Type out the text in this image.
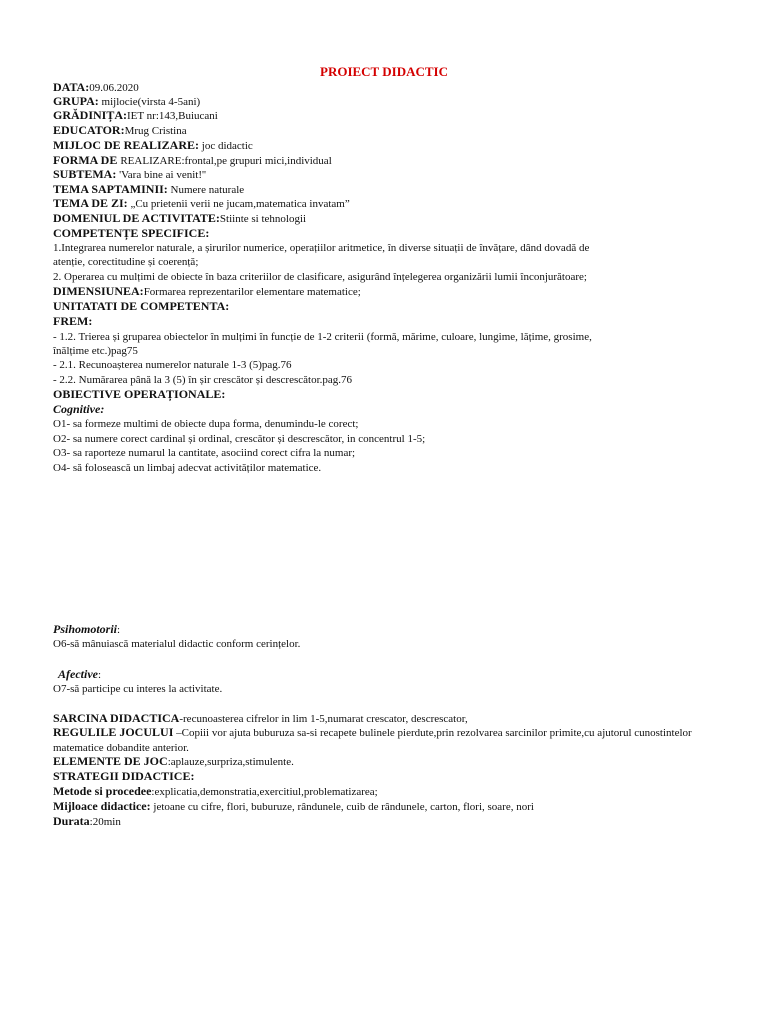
PROIECT DIDACTIC
DATA:09.06.2020
GRUPA: mijlocie(virsta 4-5ani)
GRĂDINIȚA:IET nr:143,Buiucani
EDUCATOR:Mrug Cristina
MIJLOC DE REALIZARE: joc didactic
FORMA DE REALIZARE:frontal,pe grupuri mici,individual
SUBTEMA: 'Vara bine ai venit!''
TEMA SAPTAMINII: Numere naturale
TEMA DE ZI: „Cu prietenii verii ne jucam,matematica invatam”
DOMENIUL DE ACTIVITATE:Stiinte si tehnologii
COMPETENȚE SPECIFICE:
1.Integrarea numerelor naturale, a șirurilor numerice, operațiilor aritmetice, în diverse situații de învățare, dând dovadă de
atenție, corectitudine și coerență;
2. Operarea cu mulțimi de obiecte în baza criteriilor de clasificare, asigurând înțelegerea organizării lumii înconjurătoare;
DIMENSIUNEA:Formarea reprezentarilor elementare matematice;
UNITATATI DE COMPETENTA:
FREM:
- 1.2. Trierea și gruparea obiectelor în mulțimi în funcție de 1-2 criterii (formă, mărime, culoare, lungime, lățime, grosime,
înălțime etc.)pag75
- 2.1. Recunoașterea numerelor naturale 1-3 (5)pag.76
- 2.2. Numărarea până la 3 (5) în șir crescător și descrescător.pag.76
OBIECTIVE OPERAȚIONALE:
Cognitive:
O1- sa formeze multimi de obiecte dupa forma, denumindu-le corect;
O2- sa numere corect cardinal și ordinal, crescător și descrescător, in concentrul 1-5;
O3- sa raporteze numarul la cantitate, asociind corect cifra la numar;
O4- să folosească un limbaj adecvat activităților matematice.
Psihomotorii:
O6-să mânuiască materialul didactic conform cerințelor.
Afective:
O7-să participe cu interes la activitate.
SARCINA DIDACTICA-recunoasterea cifrelor in lim 1-5,numarat crescator, descrescator,
REGULILE JOCULUI –Copiii vor ajuta buburuza sa-si recapete bulinele pierdute,prin rezolvarea sarcinilor primite,cu ajutorul cunostintelor matematice dobandite anterior.
ELEMENTE DE JOC:aplauze,surpriza,stimulente.
STRATEGII DIDACTICE:
Metode si procedee:explicatia,demonstratia,exercitiul,problematizarea;
Mijloace didactice: jetoane cu cifre, flori, buburuze, rândunele, cuib de rândunele, carton, flori, soare, nori
Durata:20min
